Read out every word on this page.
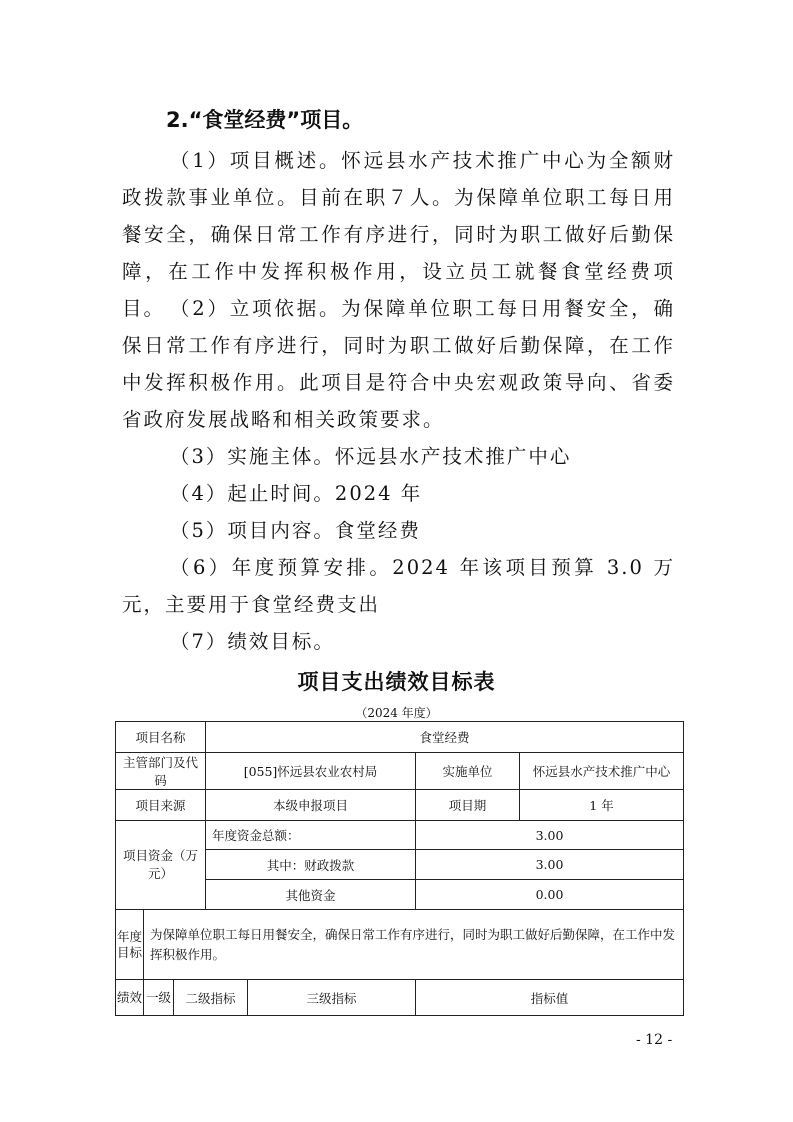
2.“食堂经费”项目。

（1）项目概述。怀远县水产技术推广中心为全额财政拨款事业单位。目前在职７人。为保障单位职工每日用餐安全，确保日常工作有序进行，同时为职工做好后勤保障，在工作中发挥积极作用，设立员工就餐食堂经费项目。 （2）立项依据。为保障单位职工每日用餐安全，确保日常工作有序进行，同时为职工做好后勤保障，在工作中发挥积极作用。此项目是符合中央宏观政策导向、省委省政府发展战略和相关政策要求。

（3）实施主体。怀远县水产技术推广中心
（4）起止时间。2024 年
（5）项目内容。食堂经费

（6）年度预算安排。2024 年该项目预算 3.0 万元，主要用于食堂经费支出

（7）绩效目标。
项目支出绩效目标表
（2024 年度）
项目名称			食堂经费			
主管部门及代码			[055]怀远县农业农村局		实施单位	怀远县水产技术推广中心
项目来源			本级申报项目		项目期	1 年
项目资金（万元）			年度资金总额：		3.00	
			其中：财政拨款		3.00	
			其他资金		0.00	
年度目标	为保障单位职工每日用餐安全，确保日常工作有序进行，同时为职工做好后勤保障，在工作中发挥积极作用。					
绩效	一级	二级指标		三级指标	指标值	
- 12 -
